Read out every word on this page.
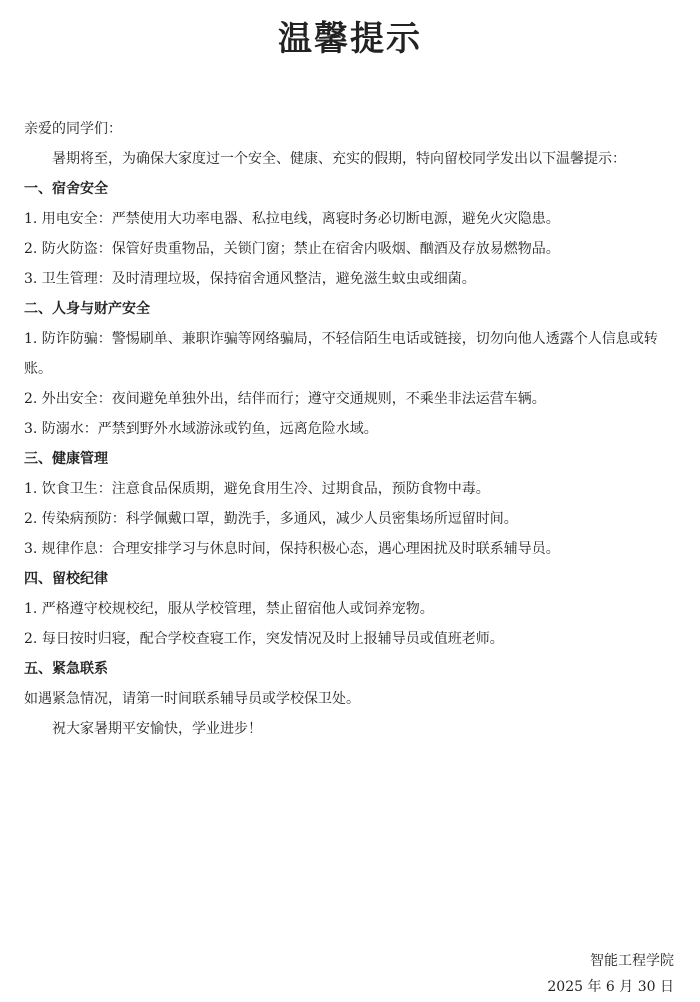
温馨提示

亲爱的同学们：

暑期将至，为确保大家度过一个安全、健康、充实的假期，特向留校同学发出以下温馨提示：

一、宿舍安全

1. 用电安全：严禁使用大功率电器、私拉电线，离寝时务必切断电源，避免火灾隐患。

2. 防火防盗：保管好贵重物品，关锁门窗；禁止在宿舍内吸烟、酗酒及存放易燃物品。

3. 卫生管理：及时清理垃圾，保持宿舍通风整洁，避免滋生蚊虫或细菌。

二、人身与财产安全

1. 防诈防骗：警惕刷单、兼职诈骗等网络骗局，不轻信陌生电话或链接，切勿向他人透露个人信息或转账。

2. 外出安全：夜间避免单独外出，结伴而行；遵守交通规则，不乘坐非法运营车辆。

3. 防溺水：严禁到野外水域游泳或钓鱼，远离危险水域。

三、健康管理

1. 饮食卫生：注意食品保质期，避免食用生冷、过期食品，预防食物中毒。

2. 传染病预防：科学佩戴口罩，勤洗手，多通风，减少人员密集场所逗留时间。

3. 规律作息：合理安排学习与休息时间，保持积极心态，遇心理困扰及时联系辅导员。

四、留校纪律

1. 严格遵守校规校纪，服从学校管理，禁止留宿他人或饲养宠物。

2. 每日按时归寝，配合学校查寝工作，突发情况及时上报辅导员或值班老师。

五、紧急联系

如遇紧急情况，请第一时间联系辅导员或学校保卫处。

祝大家暑期平安愉快，学业进步！

智能工程学院
2025 年 6 月 30 日
